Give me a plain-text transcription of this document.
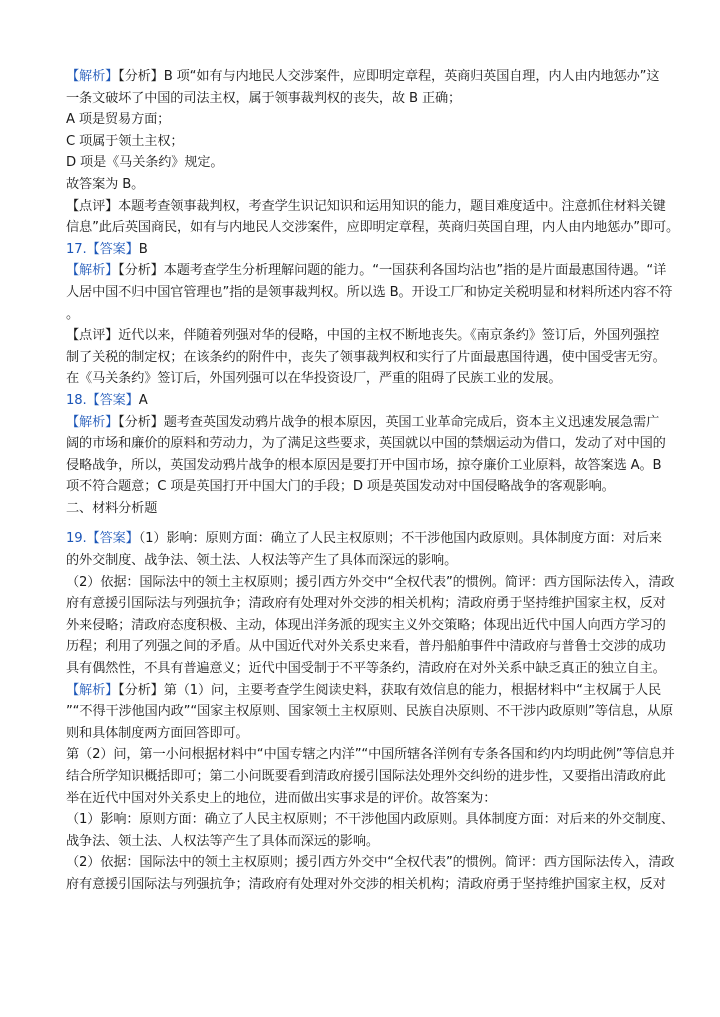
【解析】【分析】B 项“如有与内地民人交涉案件，应即明定章程，英商归英国自理，内人由内地惩办”这
一条文破坏了中国的司法主权，属于领事裁判权的丧失，故 B 正确；
A 项是贸易方面；
C 项属于领土主权；
D 项是《马关条约》规定。
故答案为 B。
【点评】本题考查领事裁判权，考查学生识记知识和运用知识的能力，题目难度适中。注意抓住材料关键
信息”此后英国商民，如有与内地民人交涉案件，应即明定章程，英商归英国自理，内人由内地惩办”即可。
17.【答案】B
【解析】【分析】本题考查学生分析理解问题的能力。“一国获利各国均沾也”指的是片面最惠国待遇。“详
人居中国不归中国官管理也”指的是领事裁判权。所以选 B。开设工厂和协定关税明显和材料所述内容不符
。
【点评】近代以来，伴随着列强对华的侵略，中国的主权不断地丧失。《南京条约》签订后，外国列强控
制了关税的制定权；在该条约的附件中，丧失了领事裁判权和实行了片面最惠国待遇，使中国受害无穷。
在《马关条约》签订后，外国列强可以在华投资设厂，严重的阻碍了民族工业的发展。
18.【答案】A
【解析】【分析】题考查英国发动鸦片战争的根本原因，英国工业革命完成后，资本主义迅速发展急需广
阔的市场和廉价的原料和劳动力，为了满足这些要求，英国就以中国的禁烟运动为借口，发动了对中国的
侵略战争，所以，英国发动鸦片战争的根本原因是要打开中国市场，掠夺廉价工业原料，故答案选 A。B
项不符合题意；C 项是英国打开中国大门的手段；D 项是英国发动对中国侵略战争的客观影响。
二、材料分析题
19.【答案】（1）影响：原则方面：确立了人民主权原则；不干涉他国内政原则。具体制度方面：对后来
的外交制度、战争法、领土法、人权法等产生了具体而深远的影响。
（2）依据：国际法中的领土主权原则；援引西方外交中“全权代表”的惯例。简评：西方国际法传入，清政
府有意援引国际法与列强抗争；清政府有处理对外交涉的相关机构；清政府勇于坚持维护国家主权，反对
外来侵略；清政府态度积极、主动，体现出洋务派的现实主义外交策略；体现出近代中国人向西方学习的
历程；利用了列强之间的矛盾。从中国近代对外关系史来看，普丹船舶事件中清政府与普鲁士交涉的成功
具有偶然性，不具有普遍意义；近代中国受制于不平等条约，清政府在对外关系中缺乏真正的独立自主。
【解析】【分析】第（1）问，主要考查学生阅读史料，获取有效信息的能力，根据材料中“主权属于人民
”“不得干涉他国内政”“国家主权原则、国家领土主权原则、民族自决原则、不干涉内政原则”等信息，从原
则和具体制度两方面回答即可。
第（2）问，第一小问根据材料中“中国专辖之内洋”“中国所辖各洋例有专条各国和约内均明此例”等信息并
结合所学知识概括即可；第二小问既要看到清政府援引国际法处理外交纠纷的进步性，又要指出清政府此
举在近代中国对外关系史上的地位，进而做出实事求是的评价。故答案为：
（1）影响：原则方面：确立了人民主权原则；不干涉他国内政原则。具体制度方面：对后来的外交制度、
战争法、领土法、人权法等产生了具体而深远的影响。
（2）依据：国际法中的领土主权原则；援引西方外交中“全权代表”的惯例。简评：西方国际法传入，清政
府有意援引国际法与列强抗争；清政府有处理对外交涉的相关机构；清政府勇于坚持维护国家主权，反对
